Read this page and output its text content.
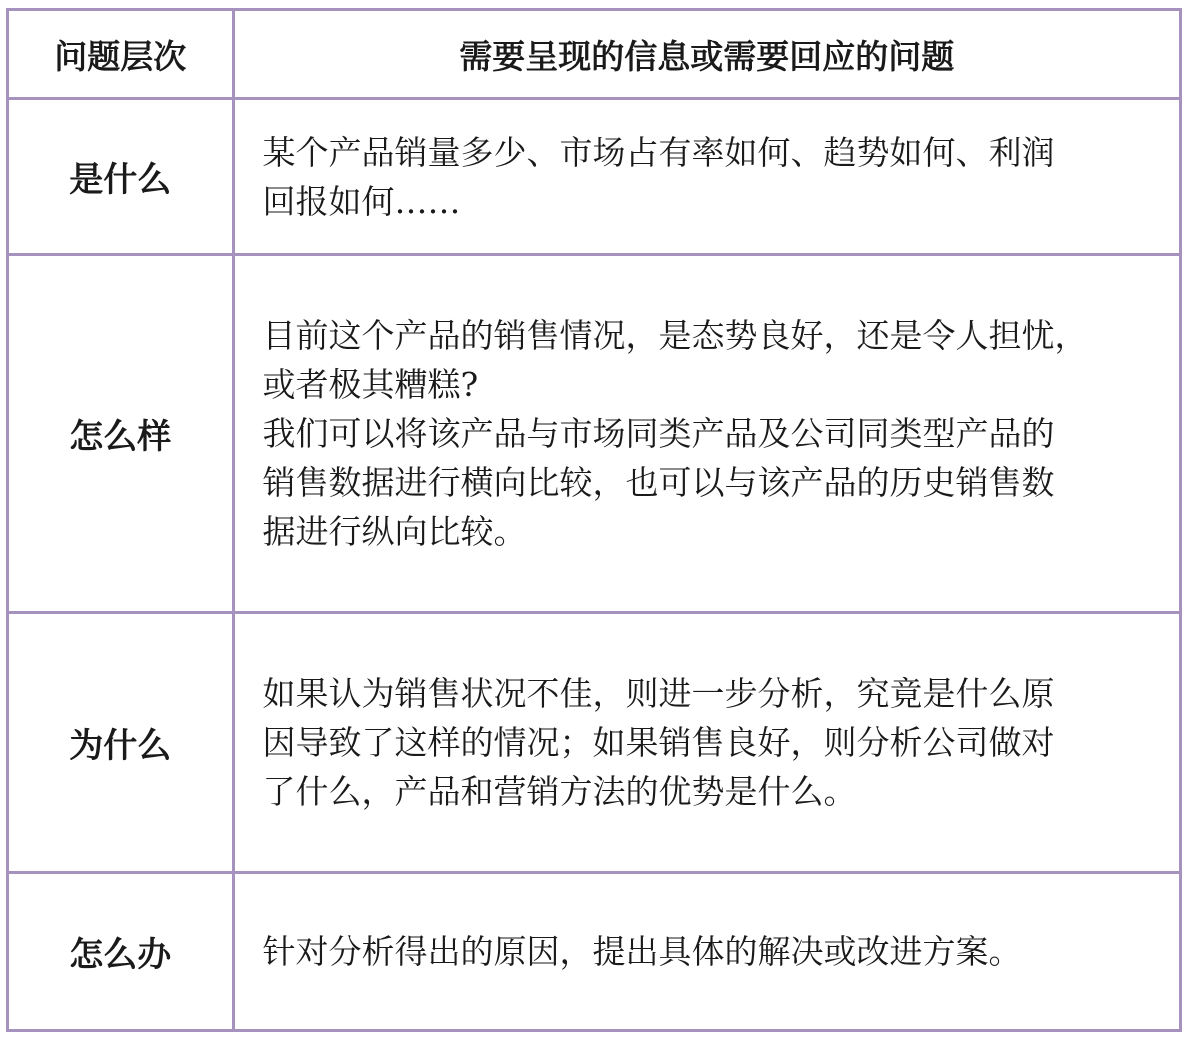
问题层次	需要呈现的信息或需要回应的问题
是什么	某个产品销量多少、市场占有率如何、趋势如何、利润
回报如何……

怎么样	目前这个产品的销售情况，是态势良好，还是令人担忧，
或者极其糟糕?
我们可以将该产品与市场同类产品及公司同类型产品的
销售数据进行横向比较，也可以与该产品的历史销售数
据进行纵向比较。

为什么	如果认为销售状况不佳，则进一步分析，究竟是什么原
因导致了这样的情况；如果销售良好，则分析公司做对
了什么，产品和营销方法的优势是什么。

怎么办	针对分析得出的原因，提出具体的解决或改进方案。
